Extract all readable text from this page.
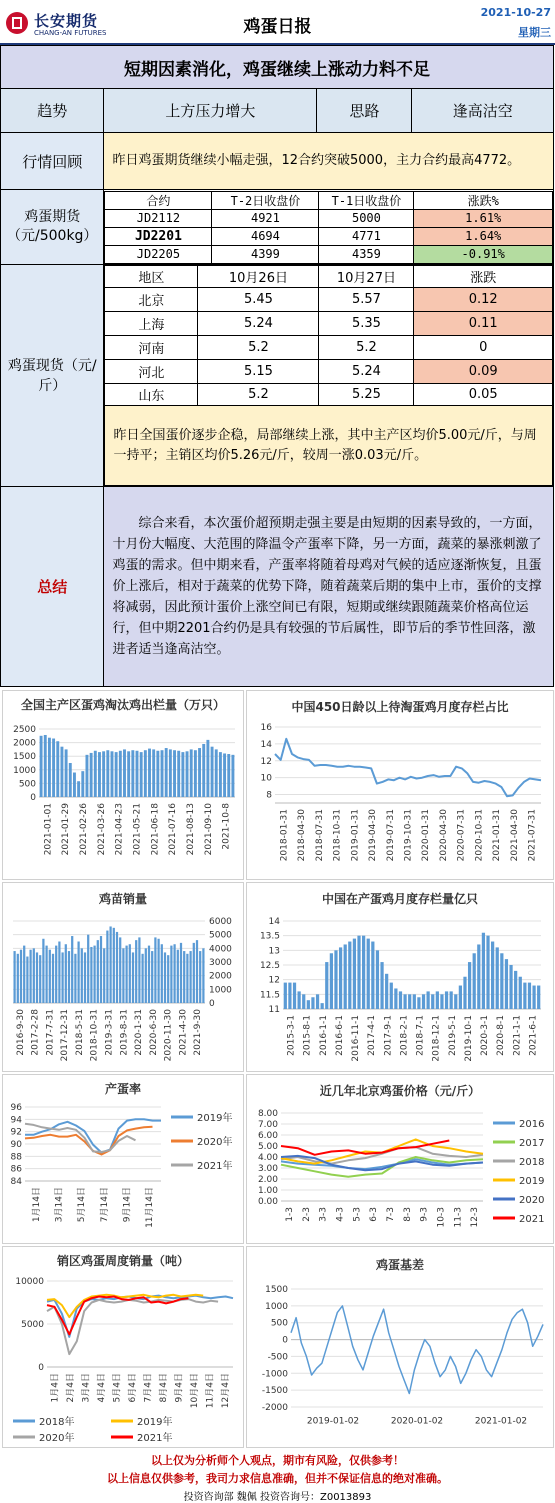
长安期货
CHANG-AN FUTURES	鸡蛋日报
2021-10-27
星期三
短期因素消化，鸡蛋继续上涨动力料不足
趋势	上方压力增大	思路	逢高沽空
行情回顾	昨日鸡蛋期货继续小幅走强，12合约突破5000，主力合约最高4772。
鸡蛋期货（元/500kg）	
合约	T-2日收盘价	T-1日收盘价	涨跌%
JD2112	4921	5000	1.61%
JD2201	4694	4771	1.64%
JD2205	4399	4359	-0.91%

鸡蛋现货（元/斤）	
地区	10月26日	10月27日	涨跌
北京	5.45	5.57	0.12
上海	5.24	5.35	0.11
河南	5.2	5.2	0
河北	5.15	5.24	0.09
山东	5.2	5.25	0.05
昨日全国蛋价逐步企稳，局部继续上涨，其中主产区均价5.00元/斤，与周一持平；主销区均价5.26元/斤，较周一涨0.03元/斤。

总结	综合来看，本次蛋价超预期走强主要是由短期的因素导致的，一方面，十月份大幅度、大范围的降温令产蛋率下降，另一方面，蔬菜的暴涨刺激了鸡蛋的需求。但中期来看，产蛋率将随着母鸡对气候的适应逐渐恢复，且蛋价上涨后，相对于蔬菜的优势下降，随着蔬菜后期的集中上市，蛋价的支撑将减弱，因此预计蛋价上涨空间已有限，短期或继续跟随蔬菜价格高位运行，但中期2201合约仍是具有较强的节后属性，即节后的季节性回落，激进者适当逢高沽空。
全国主产区蛋鸡淘汰鸡出栏量（万只）
0
500
1000
1500
2000
2500
2021-01-01 2021-01-29 2021-02-26 2021-03-26 2021-04-23 2021-05-21 2021-06-18 2021-07-16 2021-08-13 2021-09-10 2021-10-8
中国450日龄以上待淘蛋鸡月度存栏占比
8
10
12
14
16
2018-01-31 2018-04-30 2018-07-31 2018-10-31 2019-01-31 2019-04-30 2019-07-31 2019-10-31 2020-01-31 2020-04-30 2020-07-31 2020-10-31 2021-01-31 2021-04-30 2021-07-31
鸡苗销量
0
1000
2000
3000
4000
5000
6000
2016-9-30 2017-2-28 2017-7-31 2017-12-31 2018-5-31 2018-10-31 2019-3-31 2019-8-31 2020-1-31 2020-6-30 2020-11-30 2021-4-30 2021-9-30
中国在产蛋鸡月度存栏量亿只
11
11.5
12
12.5
13
13.5
14
2015-3-1 2015-8-1 2016-1-1 2016-6-1 2016-11-1 2017-4-1 2017-9-1 2018-2-1 2018-7-1 2018-12-1 2019-5-1 2019-10-1 2020-3-1 2020-8-1 2021-1-1 2021-6-1
产蛋率
84
86
88
90
92
94
96
1月14日 3月14日 5月14日 7月14日 9月14日 11月14日
2019年
2020年
2021年
近几年北京鸡蛋价格（元/斤）
0.00
1.00
2.00
3.00
4.00
5.00
6.00
7.00
8.00
1-3 2-3 3-3 4-3 5-3 6-3 7-3 8-3 9-3 10-3 11-3 12-3
2016
2017
2018
2019
2020
2021
销区鸡蛋周度销量（吨）
0
5000
10000
1月4日 2月4日 3月4日 4月4日 5月4日 6月4日 7月4日 8月4日 9月4日 10月4日 11月4日 12月4日
2018年	2019年
2020年	2021年
鸡蛋基差
-2000
-1500
-1000
-500
0
500
1000
1500
2019-01-02	2020-01-02	2021-01-02
以上仅为分析师个人观点，期市有风险，仅供参考！
以上信息仅供参考，我司力求信息准确，但并不保证信息的绝对准确。
投资咨询部 魏佩 投资咨询号：Z0013893
